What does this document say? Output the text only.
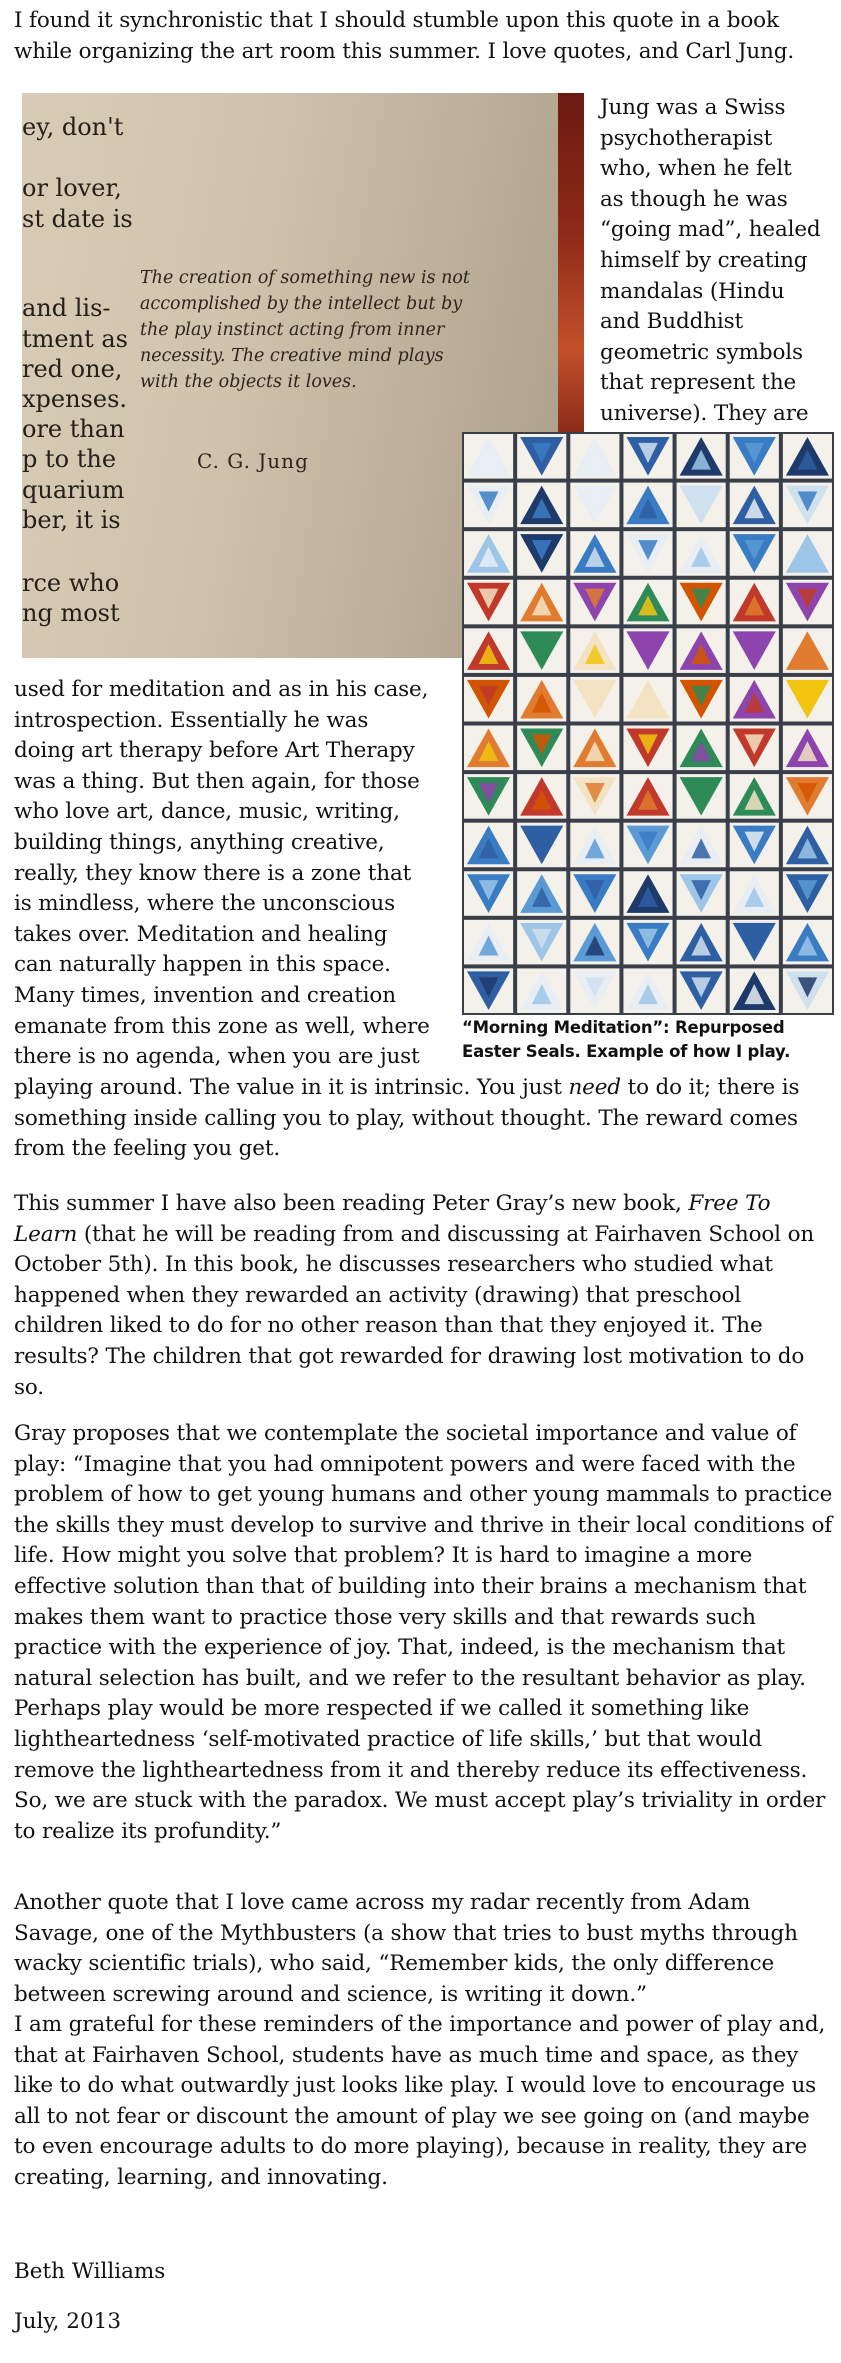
I found it synchronistic that I should stumble upon this quote in a book while organizing the art room this summer. I love quotes, and Carl Jung.

ey, don't
or lover,
st date is
and lis-
tment as
red one,
xpenses.
ore than
p to the
quarium
ber, it is
rce who
ng most

The creation of something new is not accomplished by the intellect but by the play instinct acting from inner necessity. The creative mind plays with the objects it loves.

C. G. Jung
Jung was a Swiss
psychotherapist
who, when he felt
as though he was
“going mad”, healed
himself by creating
mandalas (Hindu
and Buddhist
geometric symbols
that represent the
universe). They are

“Morning Meditation”: Repurposed Easter Seals. Example of how I play.

used for meditation and as in his case,
introspection. Essentially he was
doing art therapy before Art Therapy
was a thing. But then again, for those
who love art, dance, music, writing,
building things, anything creative,
really, they know there is a zone that
is mindless, where the unconscious
takes over. Meditation and healing
can naturally happen in this space.
Many times, invention and creation
emanate from this zone as well, where
there is no agenda, when you are just

playing around. The value in it is intrinsic. You just need to do it; there is something inside calling you to play, without thought. The reward comes from the feeling you get.

This summer I have also been reading Peter Gray’s new book, Free To Learn (that he will be reading from and discussing at Fairhaven School on October 5th). In this book, he discusses researchers who studied what happened when they rewarded an activity (drawing) that preschool children liked to do for no other reason than that they enjoyed it. The results? The children that got rewarded for drawing lost motivation to do so.

Gray proposes that we contemplate the societal importance and value of play: “Imagine that you had omnipotent powers and were faced with the problem of how to get young humans and other young mammals to practice the skills they must develop to survive and thrive in their local conditions of life. How might you solve that problem? It is hard to imagine a more effective solution than that of building into their brains a mechanism that makes them want to practice those very skills and that rewards such practice with the experience of joy. That, indeed, is the mechanism that natural selection has built, and we refer to the resultant behavior as play. Perhaps play would be more respected if we called it something like lightheartedness ‘self-motivated practice of life skills,’ but that would remove the lightheartedness from it and thereby reduce its effectiveness. So, we are stuck with the paradox. We must accept play’s triviality in order to realize its profundity.”

Another quote that I love came across my radar recently from Adam Savage, one of the Mythbusters (a show that tries to bust myths through wacky scientific trials), who said, “Remember kids, the only difference between screwing around and science, is writing it down.”

I am grateful for these reminders of the importance and power of play and, that at Fairhaven School, students have as much time and space, as they like to do what outwardly just looks like play. I would love to encourage us all to not fear or discount the amount of play we see going on (and maybe to even encourage adults to do more playing), because in reality, they are creating, learning, and innovating.

Beth Williams

July, 2013
